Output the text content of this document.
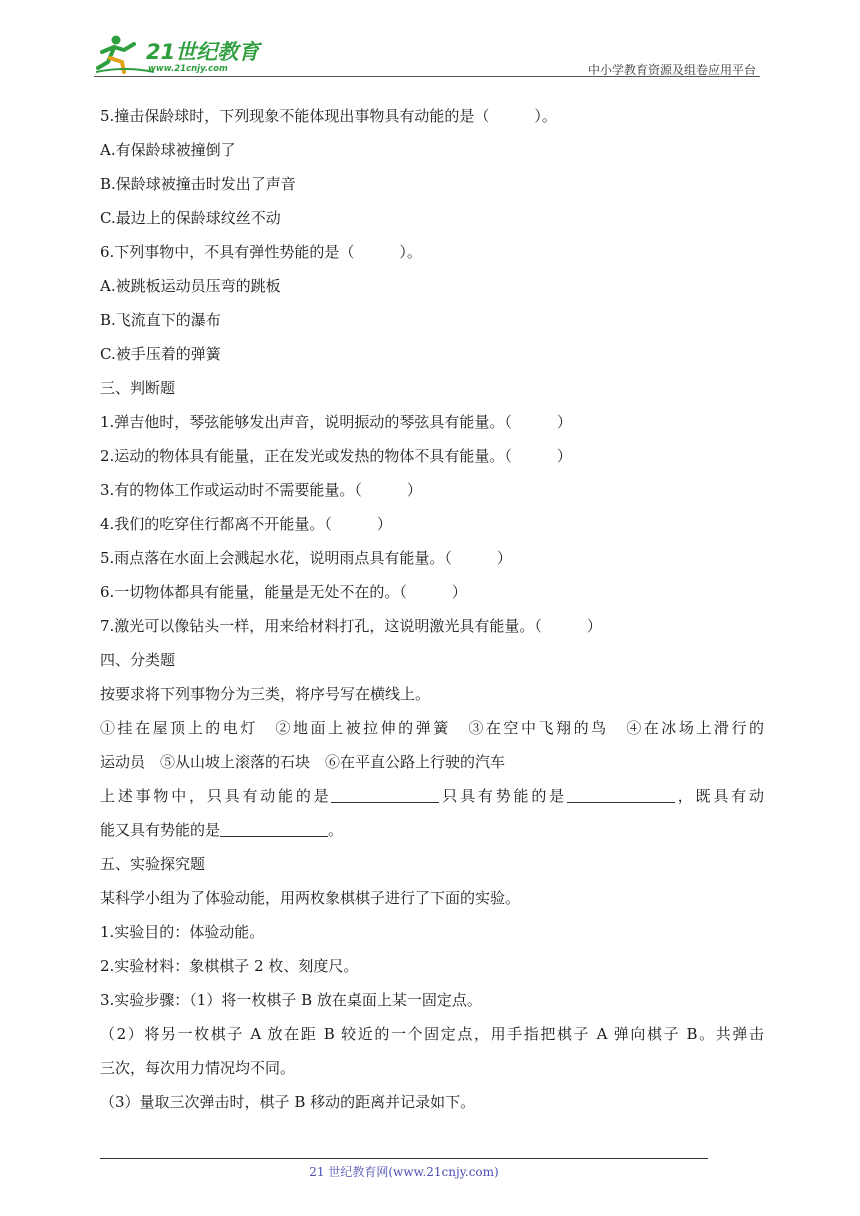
21世纪教育
www.21cnjy.com	中小学教育资源及组卷应用平台
5.撞击保龄球时，下列现象不能体现出事物具有动能的是（　　　）。
A.有保龄球被撞倒了
B.保龄球被撞击时发出了声音
C.最边上的保龄球纹丝不动
6.下列事物中，不具有弹性势能的是（　　　）。
A.被跳板运动员压弯的跳板
B.飞流直下的瀑布
C.被手压着的弹簧
三、判断题
1.弹吉他时，琴弦能够发出声音，说明振动的琴弦具有能量。（　　　）
2.运动的物体具有能量，正在发光或发热的物体不具有能量。（　　　）
3.有的物体工作或运动时不需要能量。（　　　）
4.我们的吃穿住行都离不开能量。（　　　）
5.雨点落在水面上会溅起水花，说明雨点具有能量。（　　　）
6.一切物体都具有能量，能量是无处不在的。（　　　）
7.激光可以像钻头一样，用来给材料打孔，这说明激光具有能量。（　　　）
四、分类题
按要求将下列事物分为三类，将序号写在横线上。
①挂在屋顶上的电灯　②地面上被拉伸的弹簧　③在空中飞翔的鸟　④在冰场上滑行的
运动员　⑤从山坡上滚落的石块　⑥在平直公路上行驶的汽车
上述事物中，只具有动能的是	只具有势能的是	，既具有动
能又具有势能的是	。
五、实验探究题
某科学小组为了体验动能，用两枚象棋棋子进行了下面的实验。
1.实验目的：体验动能。
2.实验材料：象棋棋子 2 枚、刻度尺。
3.实验步骤：（1）将一枚棋子 B 放在桌面上某一固定点。
（2）将另一枚棋子 A 放在距 B 较近的一个固定点，用手指把棋子 A 弹向棋子 B。共弹击
三次，每次用力情况均不同。
（3）量取三次弹击时，棋子 B 移动的距离并记录如下。
21 世纪教育网(www.21cnjy.com)
